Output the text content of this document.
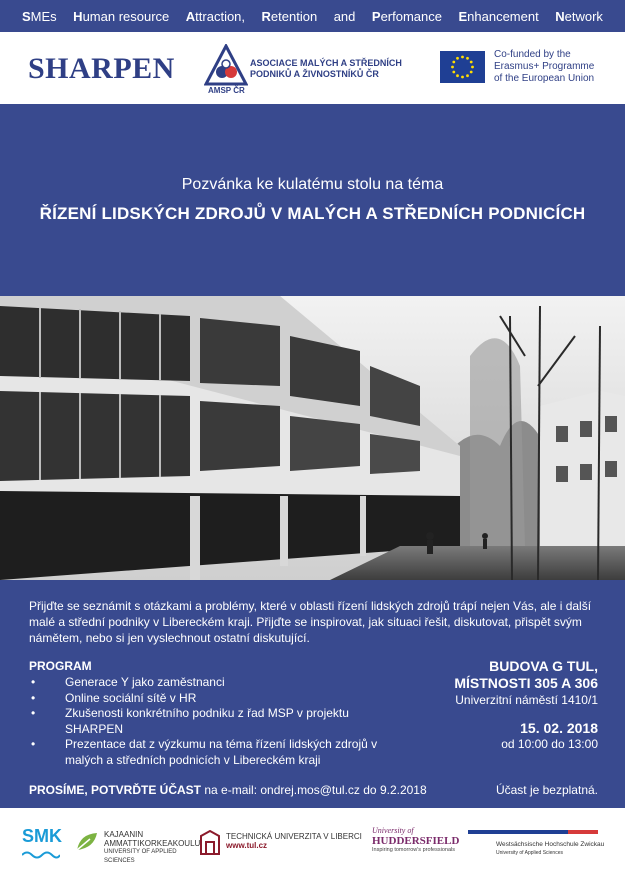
SMEs Human resource Attraction, Retention and Perfomance Enhancement Network
SHARPEN	ASOCIACE MALÝCH A STŘEDNÍCH
PODNIKŮ A ŽIVNOSTNÍKŮ ČR
AMSP ČR
Co-funded by the
Erasmus+ Programme
of the European Union
Pozvánka ke kulatému stolu na téma
ŘÍZENÍ LIDSKÝCH ZDROJŮ V MALÝCH A STŘEDNÍCH PODNICÍCH
Přijďte se seznámit s otázkami a problémy, které v oblasti řízení lidských zdrojů trápí nejen Vás, ale i další malé a střední podniky v Libereckém kraji. Přijďte se inspirovat, jak situaci řešit, diskutovat, přispět svým námětem, nebo si jen vyslechnout ostatní diskutující.
PROGRAM
• Generace Y jako zaměstnanci
• Online sociální sítě v HR
• Zkušenosti konkrétního podniku z řad MSP v projektu SHARPEN
• Prezentace dat z výzkumu na téma řízení lidských zdrojů v malých a středních podnicích v Libereckém kraji
BUDOVA G TUL,
MÍSTNOSTI 305 A 306
Univerzitní náměstí 1410/1
15. 02. 2018
od 10:00 do 13:00
PROSÍME, POTVRĎTE ÚČAST na e-mail: ondrej.mos@tul.cz do 9.2.2018	Účast je bezplatná.
SMK	KAJAANIN
AMMATTIKORKEAKOULU
UNIVERSITY OF APPLIED SCIENCES
TECHNICKÁ UNIVERZITA V LIBERCI
www.tul.cz
University of
HUDDERSFIELD
Inspiring tomorrow's professionals
Westsächsische Hochschule Zwickau
University of Applied Sciences
